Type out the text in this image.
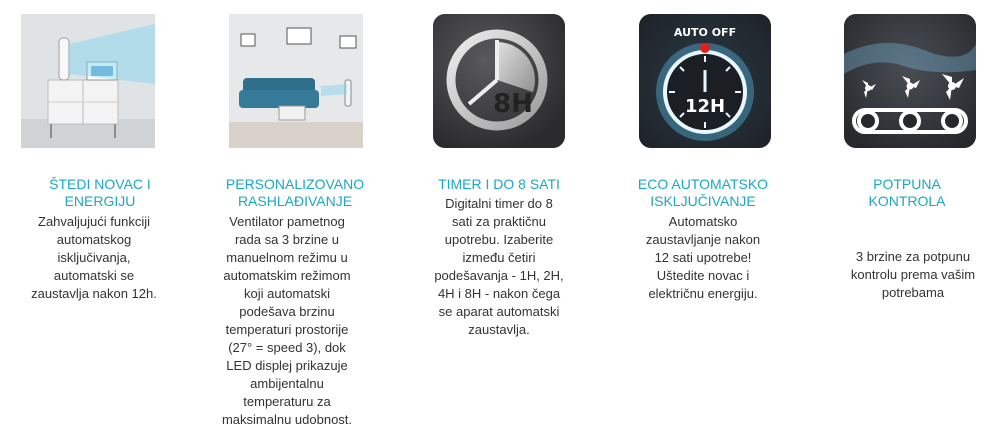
ŠTEDI NOVAC I
ENERGIJU
Zahvaljujući funkciji
automatskog
isključivanja,
automatski se
zaustavlja nakon 12h.
PERSONALIZOVANO
RASHLAĐIVANJE
Ventilator pametnog
rada sa 3 brzine u
manuelnom režimu u
automatskim režimom
koji automatski
podešava brzinu
temperaturi prostorije
(27° = speed 3), dok
LED displej prikazuje
ambijentalnu
temperaturu za
maksimalnu udobnost.
8H
TIMER I DO 8 SATI
Digitalni timer do 8
sati za praktičnu
upotrebu. Izaberite
između četiri
podešavanja - 1H, 2H,
4H i 8H - nakon čega
se aparat automatski
zaustavlja.
AUTO OFF
12H
ECO AUTOMATSKO
ISKLJUČIVANJE
Automatsko
zaustavljanje nakon
12 sati upotrebe!
Uštedite novac i
električnu energiju.
POTPUNA
KONTROLA
3 brzine za potpunu
kontrolu prema vašim
potrebama
